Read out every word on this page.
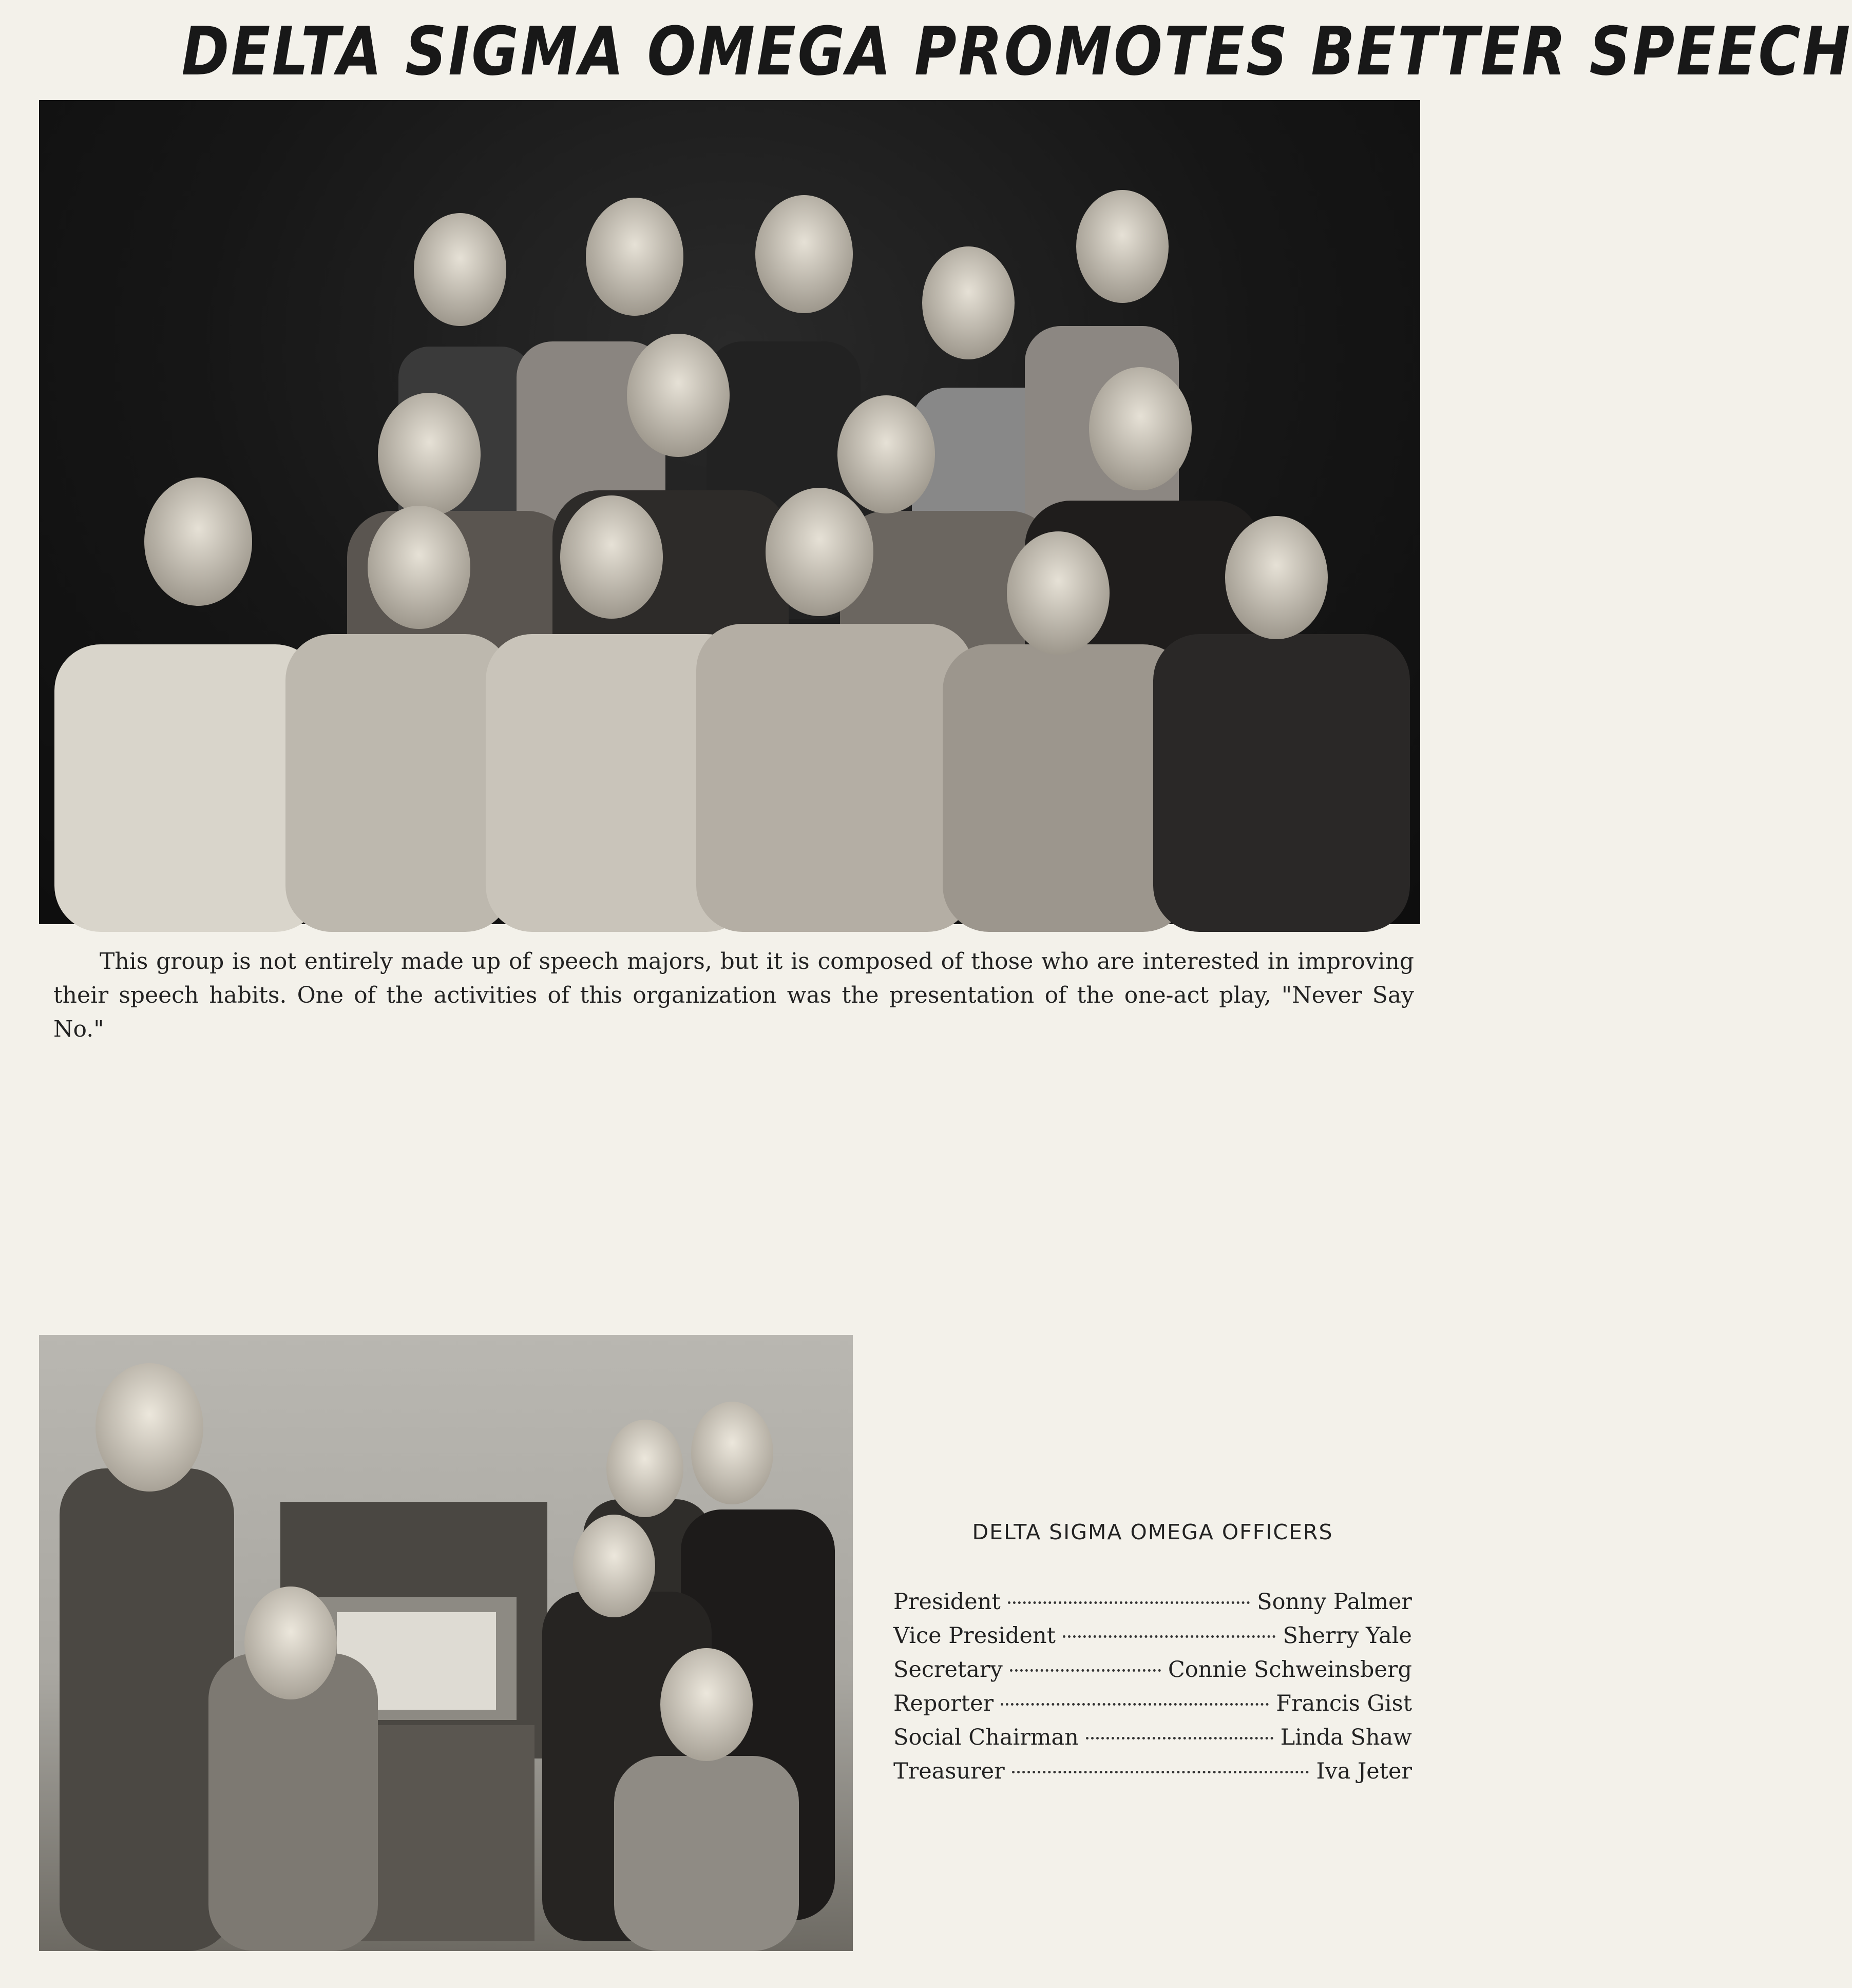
DELTA SIGMA OMEGA PROMOTES BETTER SPEECH
This group is not entirely made up of speech majors, but it is composed of those who are interested in improving their speech habits. One of the activities of this organization was the presentation of the one-act play, "Never Say No."
DELTA SIGMA OMEGA OFFICERS
President	Sonny Palmer
Vice President	Sherry Yale
Secretary	Connie Schweinsberg
Reporter	Francis Gist
Social Chairman	Linda Shaw
Treasurer	Iva Jeter
